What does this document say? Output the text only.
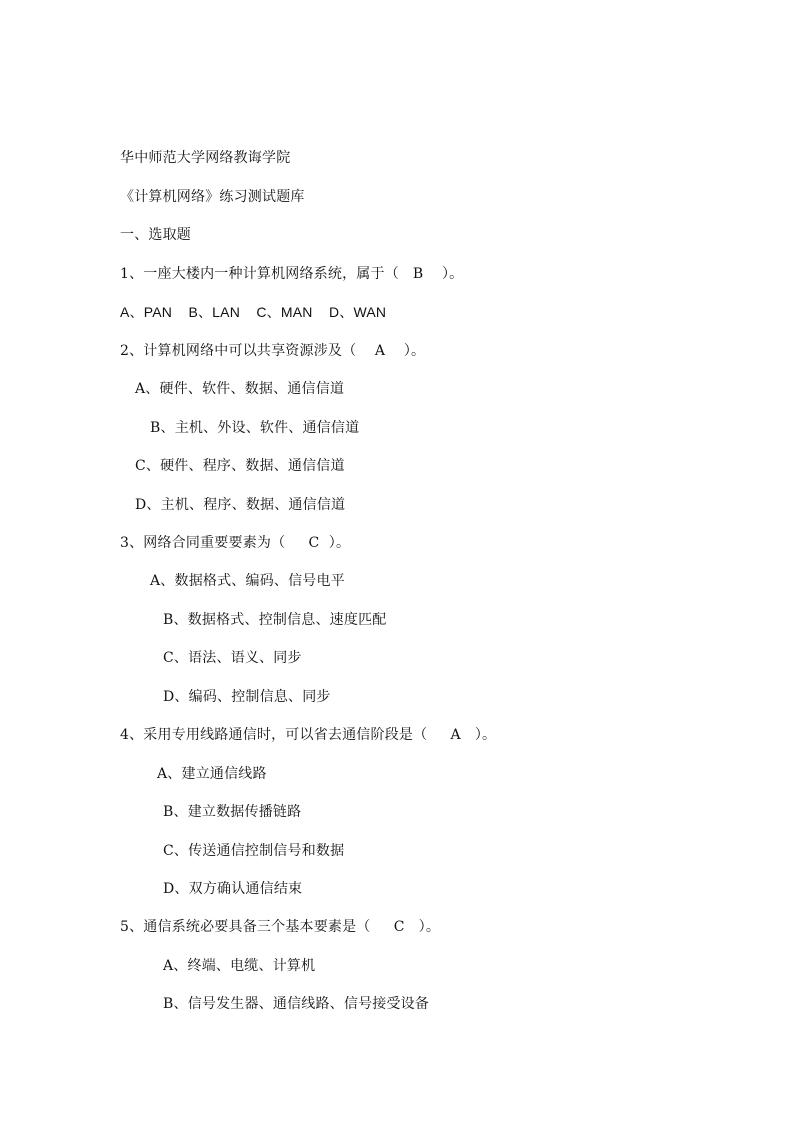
华中师范大学网络教诲学院
《计算机网络》练习测试题库
一、选取题
1、一座大楼内一种计算机网络系统，属于（   B    ）。
A、PAN    B、LAN    C、MAN    D、WAN
2、计算机网络中可以共享资源涉及（    A    ）。
A、硬件、软件、数据、通信信道
B、主机、外设、软件、通信信道
C、硬件、程序、数据、通信信道
D、主机、程序、数据、通信信道
3、网络合同重要要素为（     C  ）。
A、数据格式、编码、信号电平
B、数据格式、控制信息、速度匹配
C、语法、语义、同步
D、编码、控制信息、同步
4、采用专用线路通信时，可以省去通信阶段是（     A   ）。
A、建立通信线路
B、建立数据传播链路
C、传送通信控制信号和数据
D、双方确认通信结束
5、通信系统必要具备三个基本要素是（     C   ）。
A、终端、电缆、计算机
B、信号发生器、通信线路、信号接受设备
